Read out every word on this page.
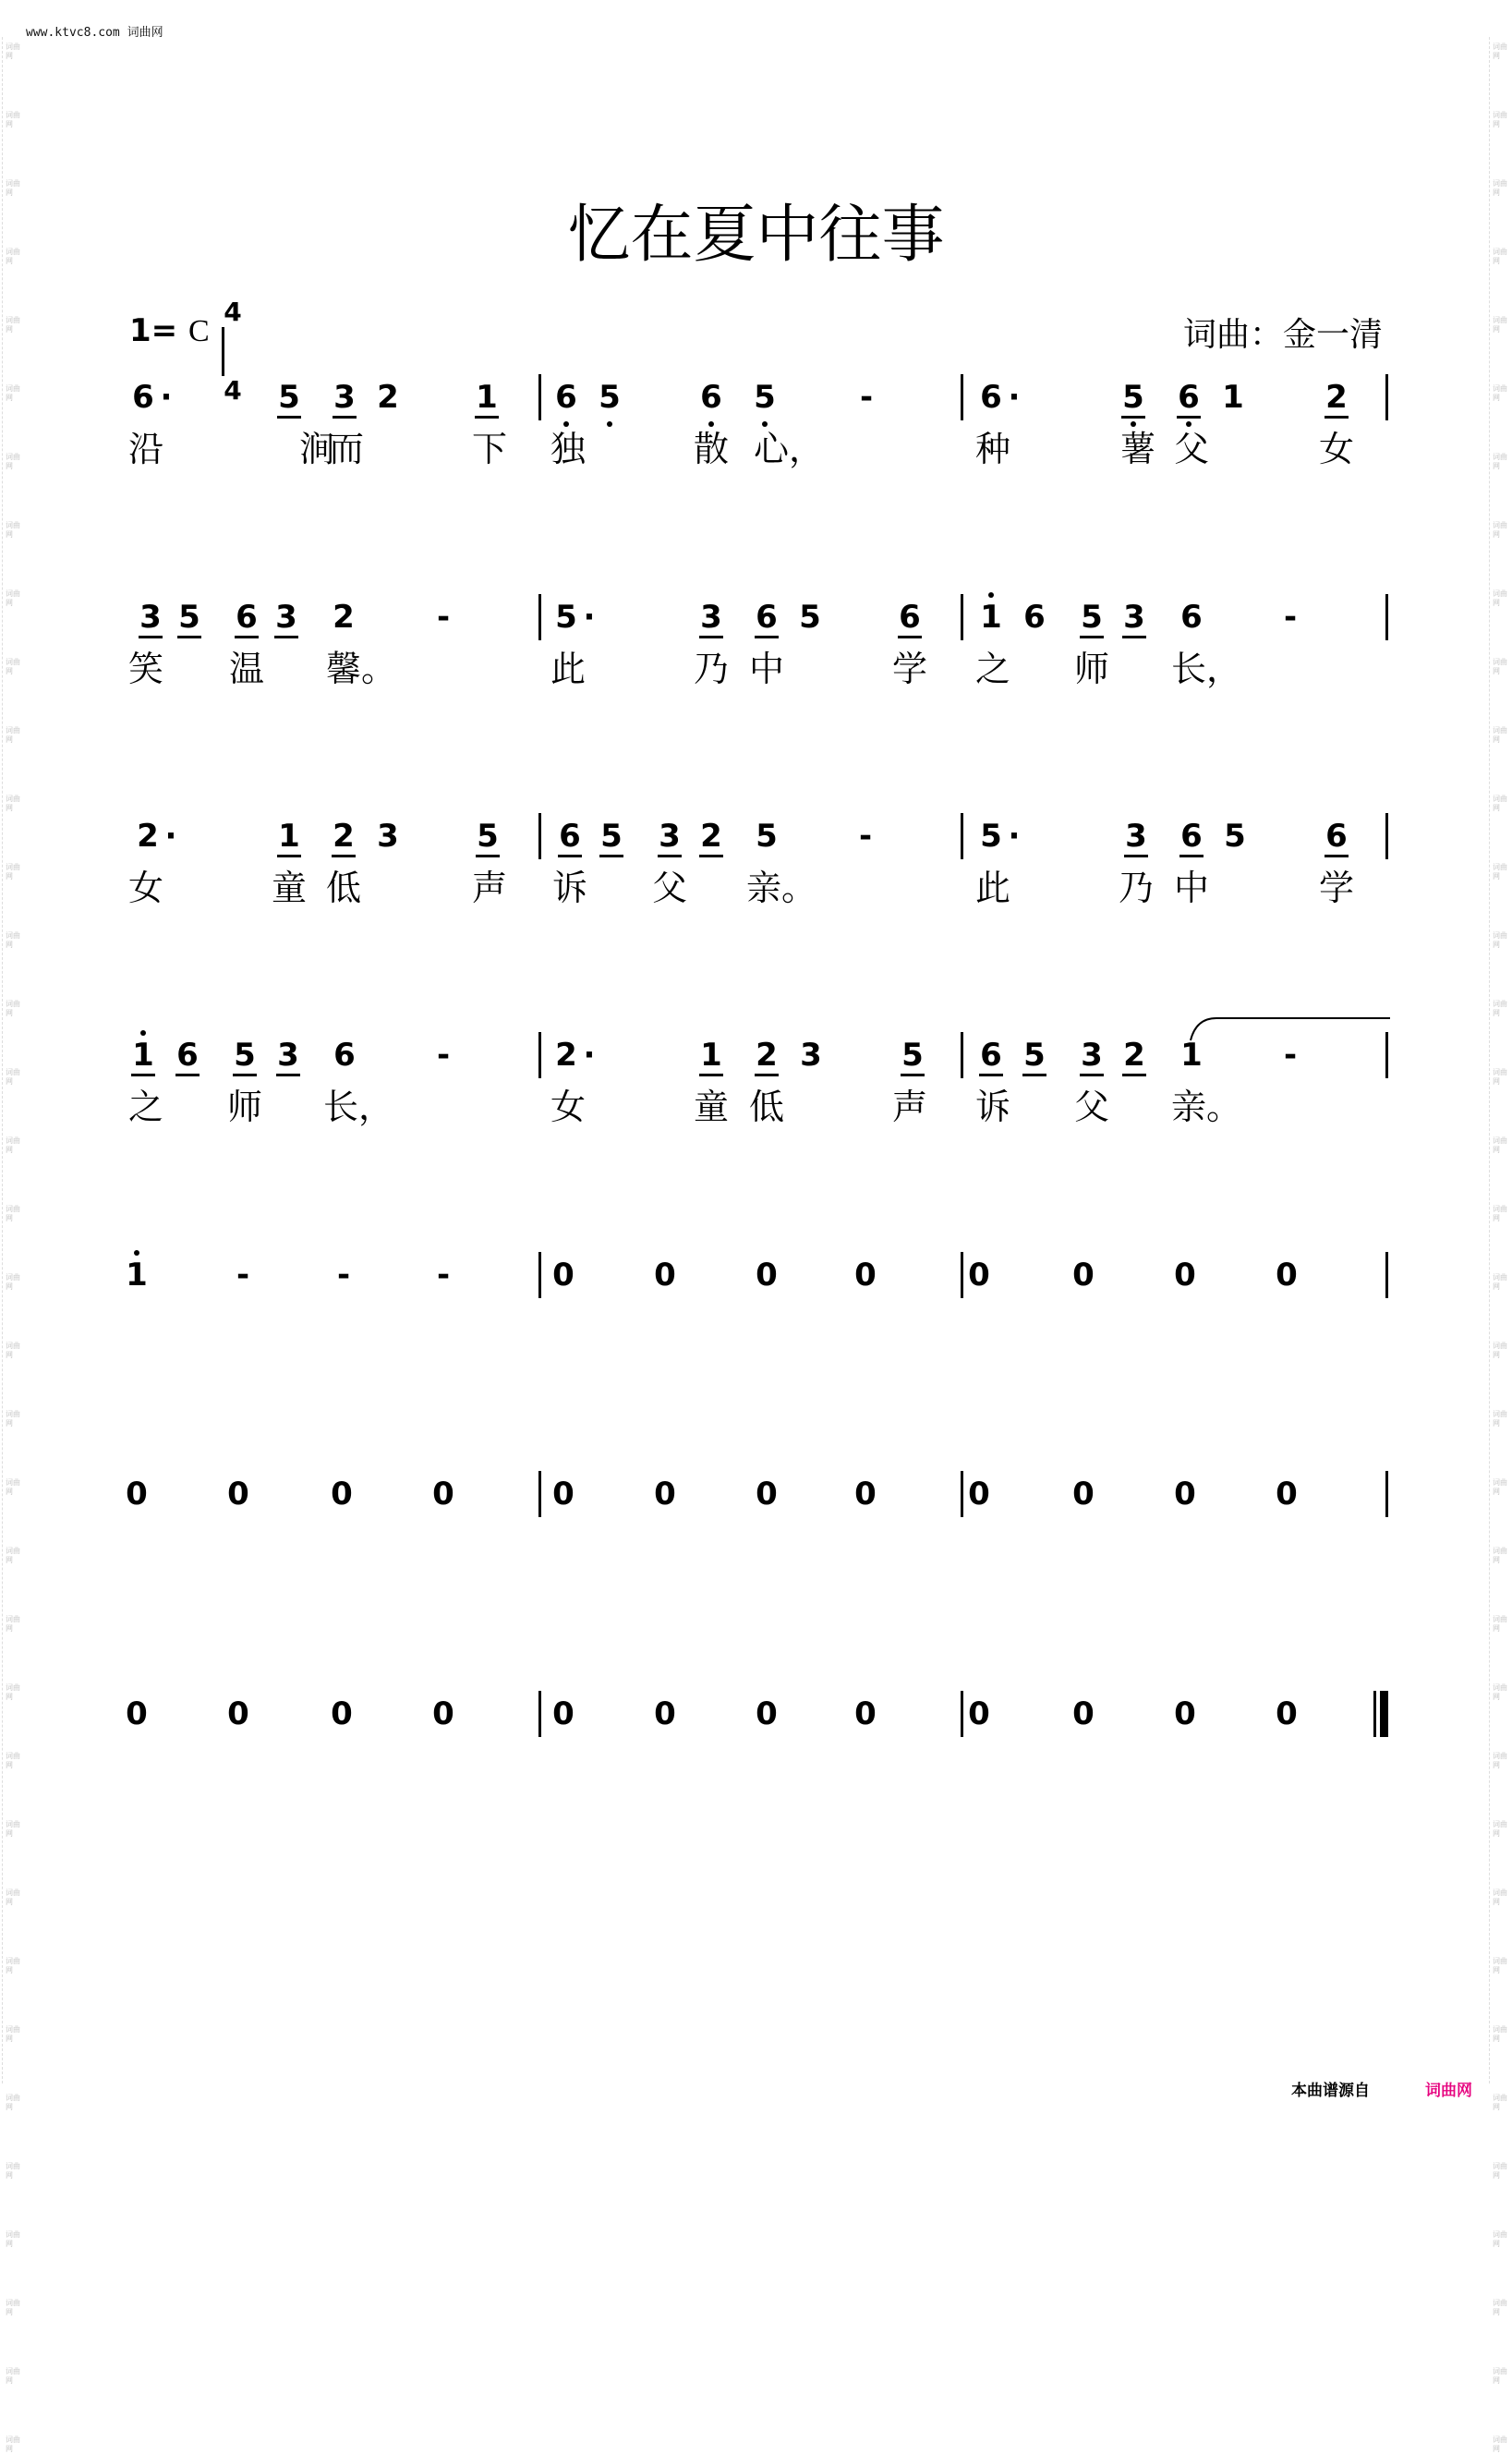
www.ktvc8.com 词曲网
词曲网
词曲网
词曲网
词曲网
词曲网
词曲网
词曲网
词曲网
词曲网
词曲网
词曲网
词曲网
词曲网
词曲网
词曲网
词曲网
词曲网
词曲网
词曲网
词曲网
词曲网
词曲网
词曲网
词曲网
词曲网
词曲网
词曲网
词曲网
词曲网
词曲网
词曲网
词曲网
词曲网
词曲网
词曲网
词曲网
词曲网
词曲网
词曲网
词曲网
词曲网
词曲网
词曲网
词曲网
词曲网
词曲网
词曲网
词曲网
词曲网
词曲网
词曲网
词曲网
词曲网
词曲网
词曲网
词曲网
词曲网
词曲网
词曲网
词曲网
词曲网
词曲网
词曲网
词曲网
词曲网
词曲网
词曲网
词曲网
词曲网
词曲网
词曲网
词曲网
忆在夏中往事
1= C
4
4
词曲：金一清
6 ·	5 3 2 1 6 5	6 5	-	6 ·	5 6 1	2
沿	涧
而	下 独	散 心，	种	薯 父	女
3 5 6 3 2	-	5 ·	3 6 5 6 1 6 5 3 6	-
笑 温 馨。	此	乃 中	学 之 师 长，
2 ·	1 2 3 5 6 5 3 2 5	-	5 ·	3 6 5	6
女	童 低	声 诉 父 亲。	此	乃 中	学
1 6 5 3 6	-	2 ·	1 2 3	5 6 5 3 2 1	-
之 师 长，	女	童 低	声 诉 父 亲。
1	-	-	-	0	0	0 0	0	0	0	0
0	0	0	0	0	0	0 0	0	0	0	0
0	0	0	0	0	0	0 0	0	0	0	0
本曲谱源自	词曲网
